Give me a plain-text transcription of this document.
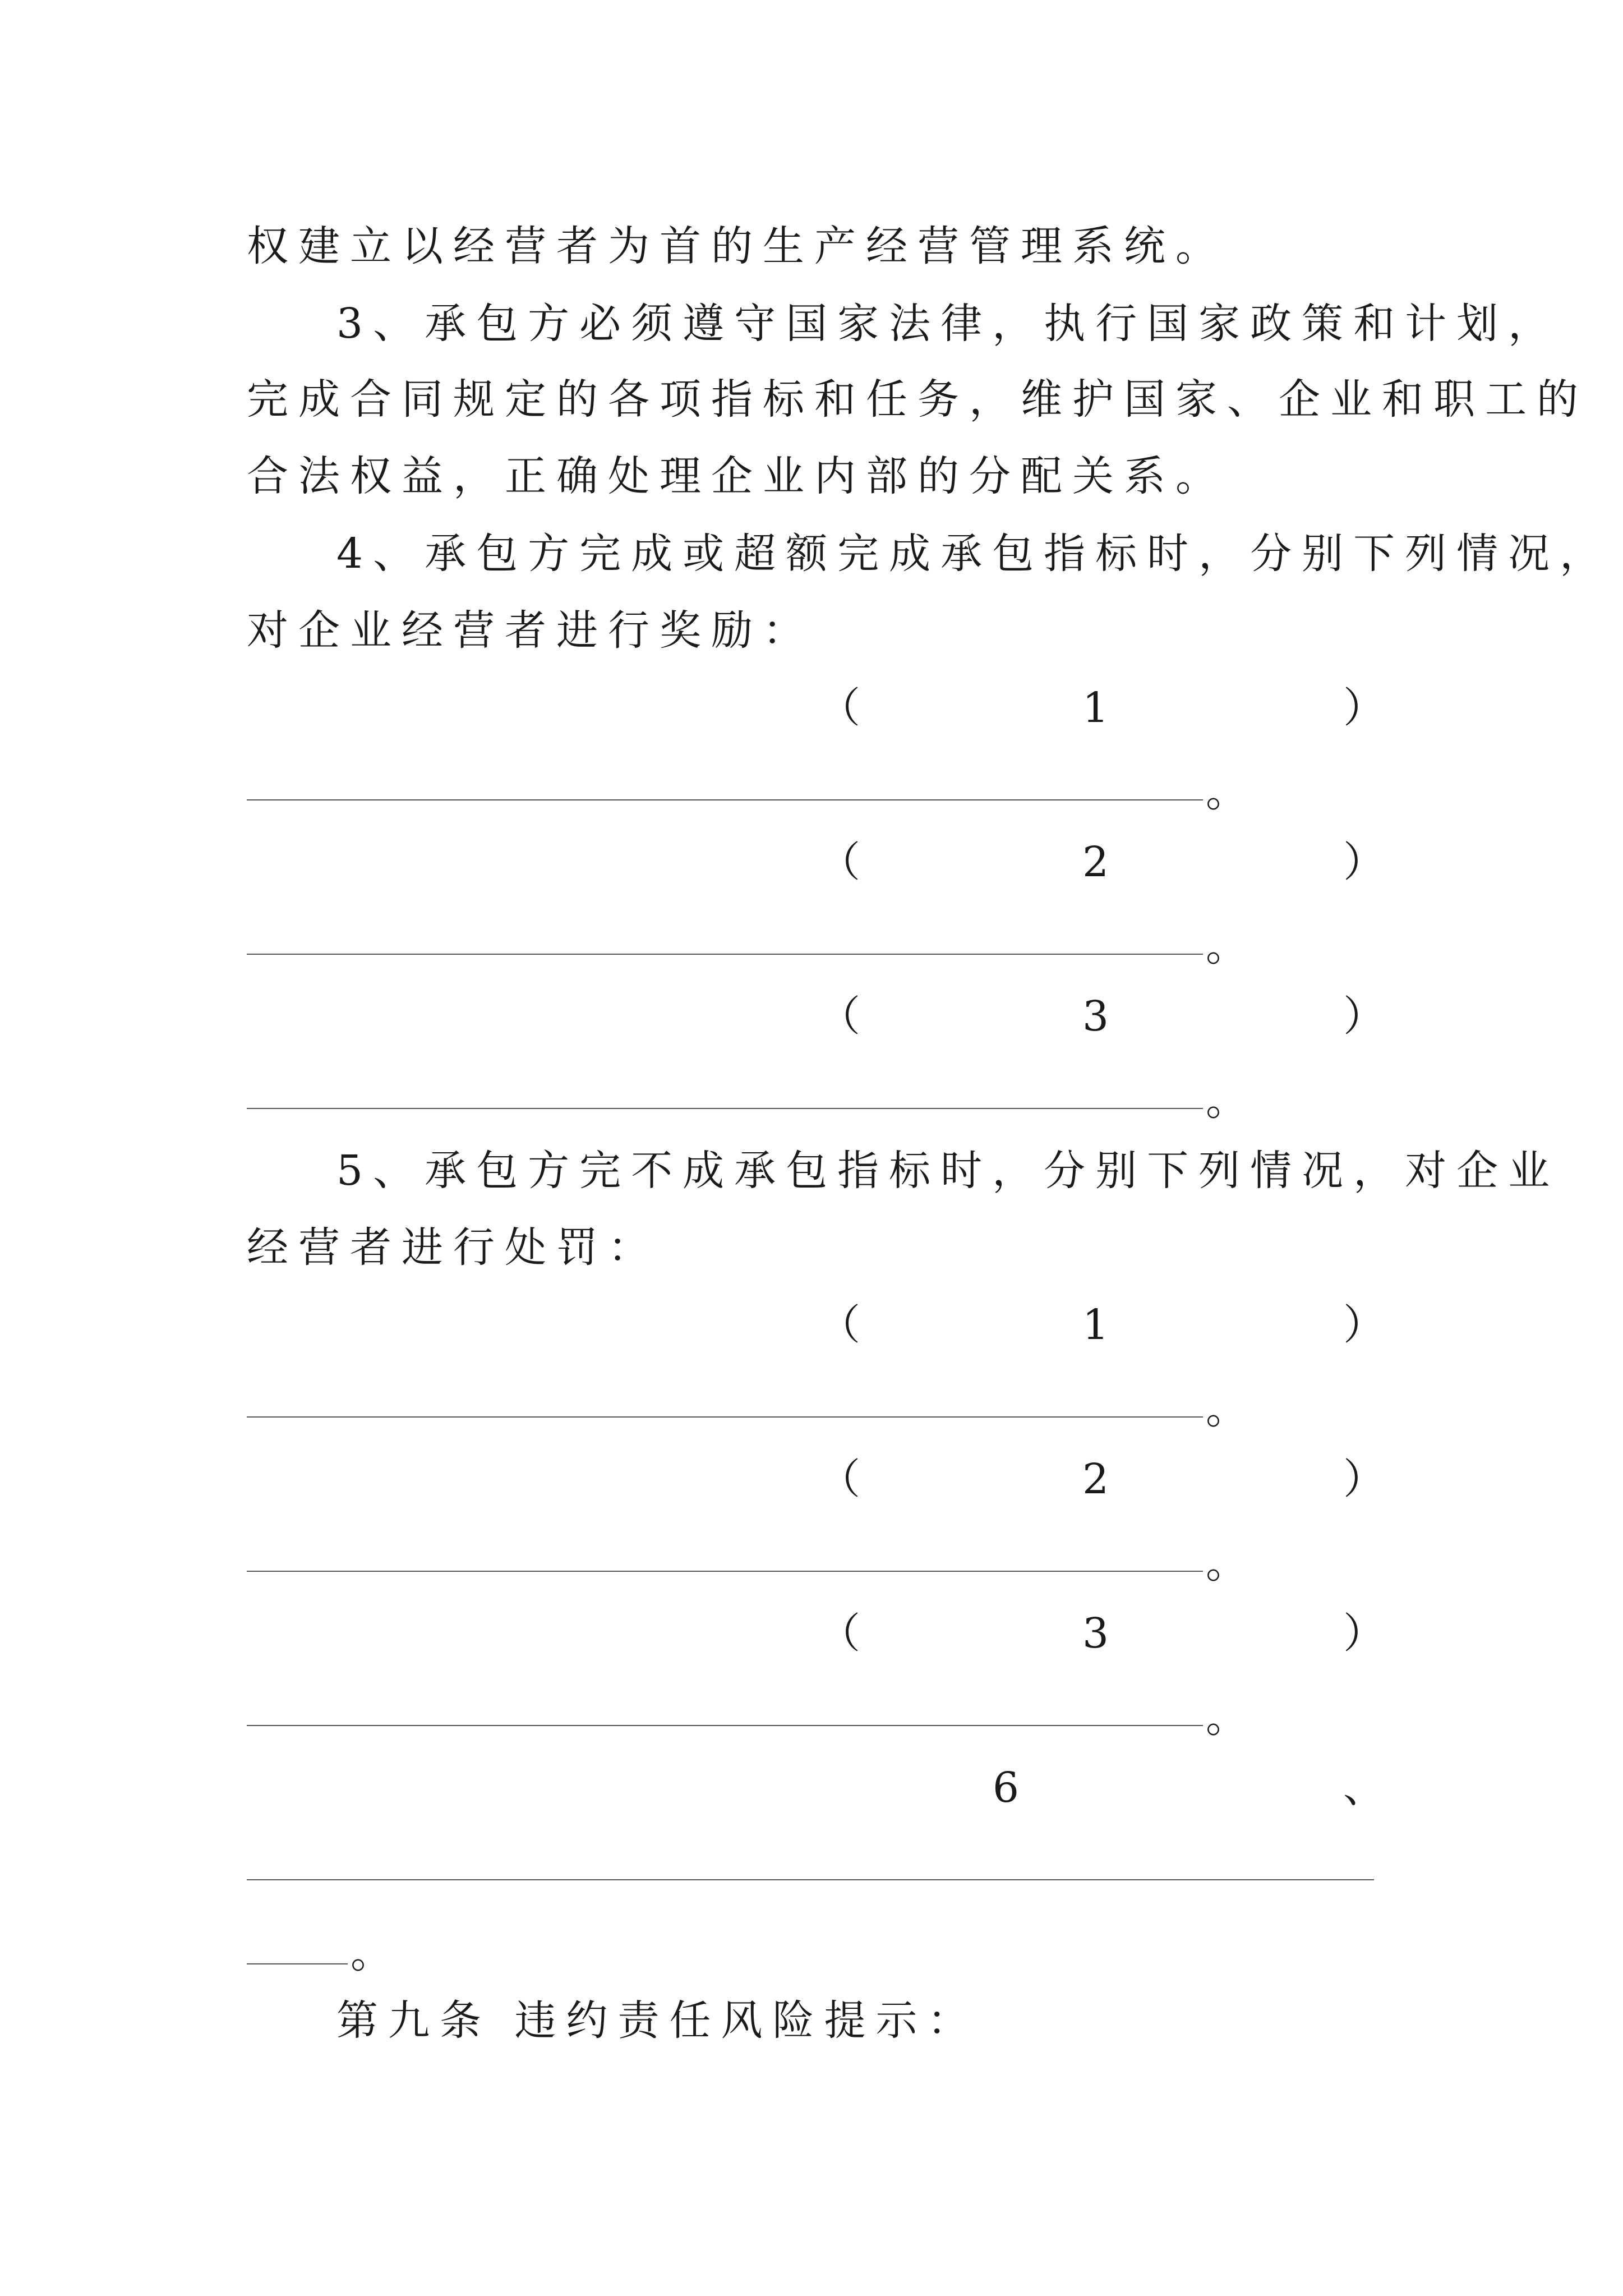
权建立以经营者为首的生产经营管理系统。
3、承包方必须遵守国家法律，执行国家政策和计划，
完成合同规定的各项指标和任务，维护国家、企业和职工的
合法权益，正确处理企业内部的分配关系。
4、承包方完成或超额完成承包指标时，分别下列情况，
对企业经营者进行奖励：
（	1	）
。
（	2	）
。
（	3	）
。
5、承包方完不成承包指标时，分别下列情况，对企业
经营者进行处罚：
（	1	）
。
（	2	）
。
（	3	）
。
6	、
。
第九条 违约责任风险提示：
